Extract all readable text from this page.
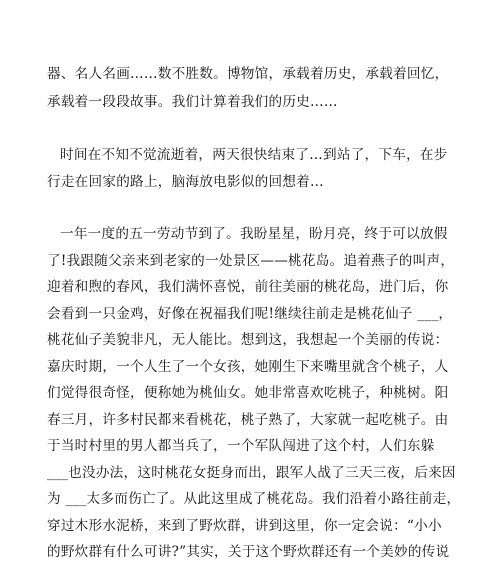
器、名人名画……数不胜数。博物馆，承载着历史，承载着回忆，
承载着一段段故事。我们计算着我们的历史……
时间在不知不觉流逝着，两天很快结束了…到站了，下车，在步
行走在回家的路上，脑海放电影似的回想着…
一年一度的五一劳动节到了。我盼星星，盼月亮，终于可以放假
了!我跟随父亲来到老家的一处景区——桃花岛。追着燕子的叫声，
迎着和煦的春风，我们满怀喜悦，前往美丽的桃花岛，进门后，你
会看到一只金鸡，好像在祝福我们呢!继续往前走是桃花仙子 ___，
桃花仙子美貌非凡，无人能比。想到这，我想起一个美丽的传说：
嘉庆时期，一个人生了一个女孩，她刚生下来嘴里就含个桃子，人
们觉得很奇怪，便称她为桃仙女。她非常喜欢吃桃子，种桃树。阳
春三月，许多村民都来看桃花，桃子熟了，大家就一起吃桃子。由
于当时村里的男人都当兵了，一个军队闯进了这个村，人们东躲
___也没办法，这时桃花女挺身而出，跟军人战了三天三夜，后来因
为 ___太多而伤亡了。从此这里成了桃花岛。我们沿着小路往前走，
穿过木形水泥桥，来到了野炊群，讲到这里，你一定会说：“小小
的野炊群有什么可讲?”其实，关于这个野炊群还有一个美妙的传说
